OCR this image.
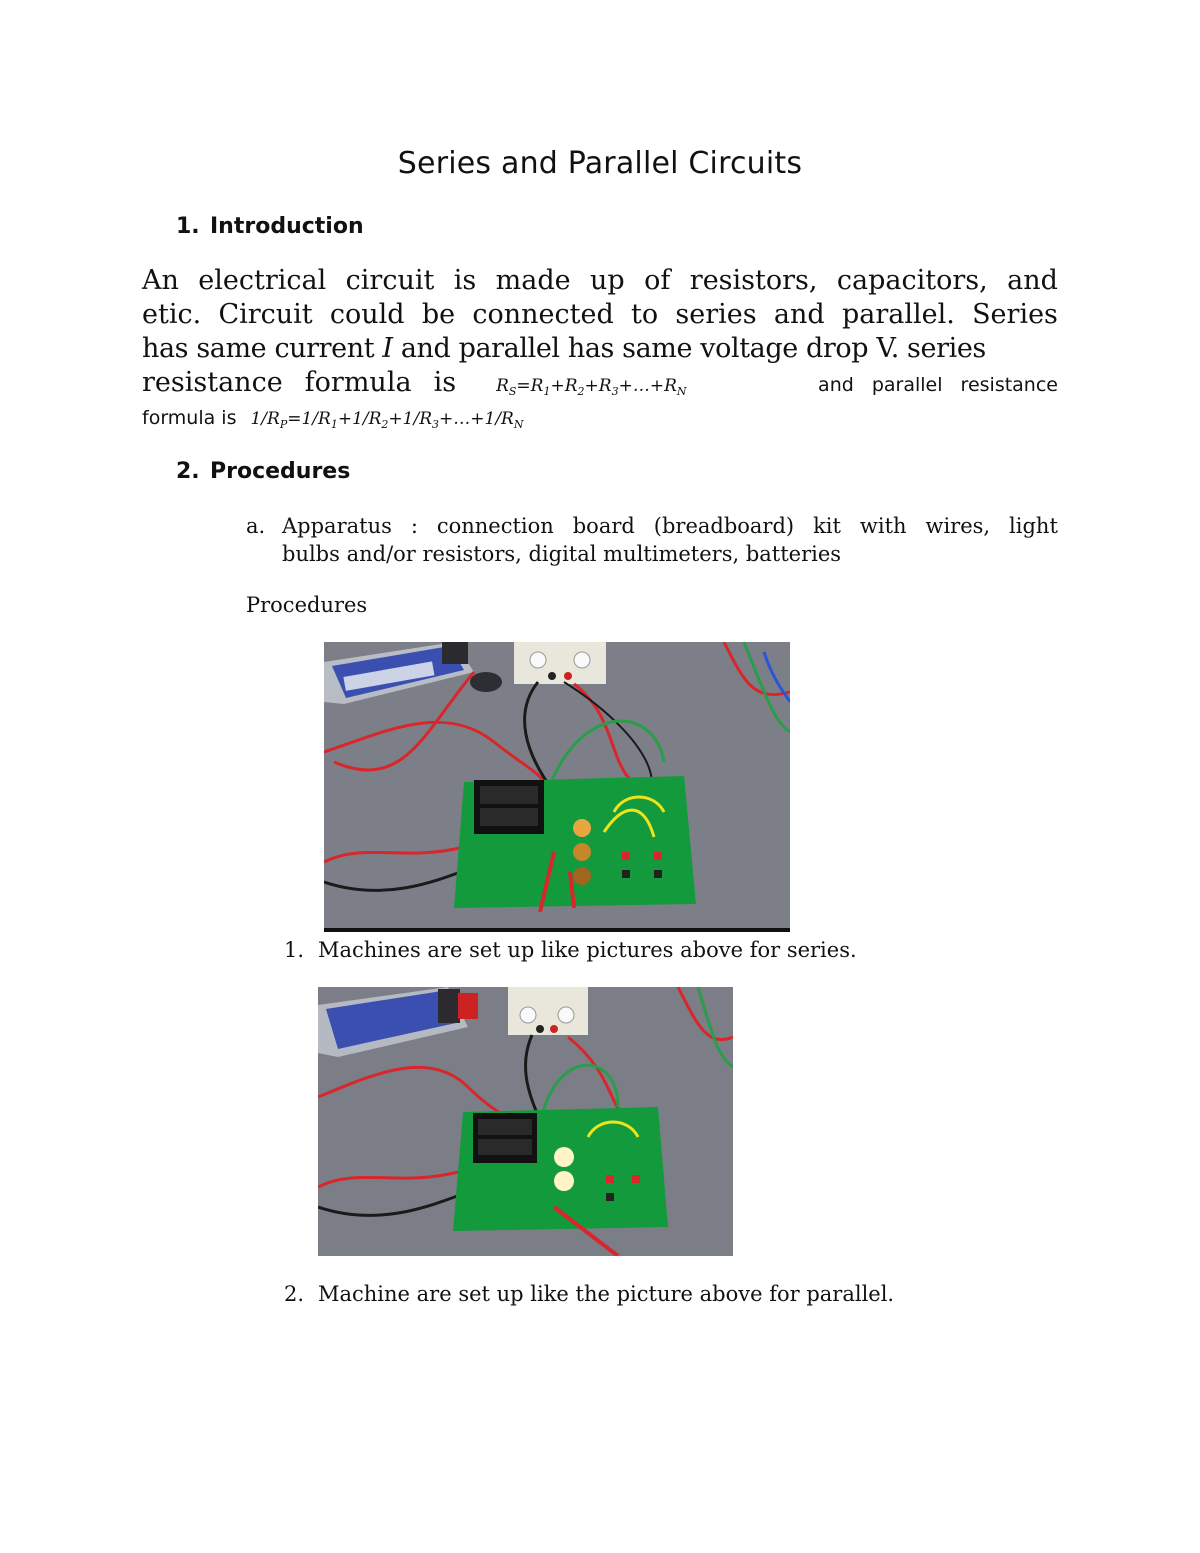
Series and Parallel Circuits
1. Introduction
An electrical circuit is made up of resistors, capacitors, and
etic. Circuit could be connected to series and parallel. Series
has same current I and parallel has same voltage drop V. series
resistance formula is $R_S=R_1+R_2+R_3+\dots+R_N$	and parallel resistance
formula is $1/R_P=1/R_1+1/R_2+1/R_3+\dots+1/R_N$
2. Procedures
a. Apparatus : connection board (breadboard) kit with wires, light
bulbs and/or resistors, digital multimeters, batteries
Procedures
1. Machines are set up like pictures above for series.
2. Machine are set up like the picture above for parallel.
